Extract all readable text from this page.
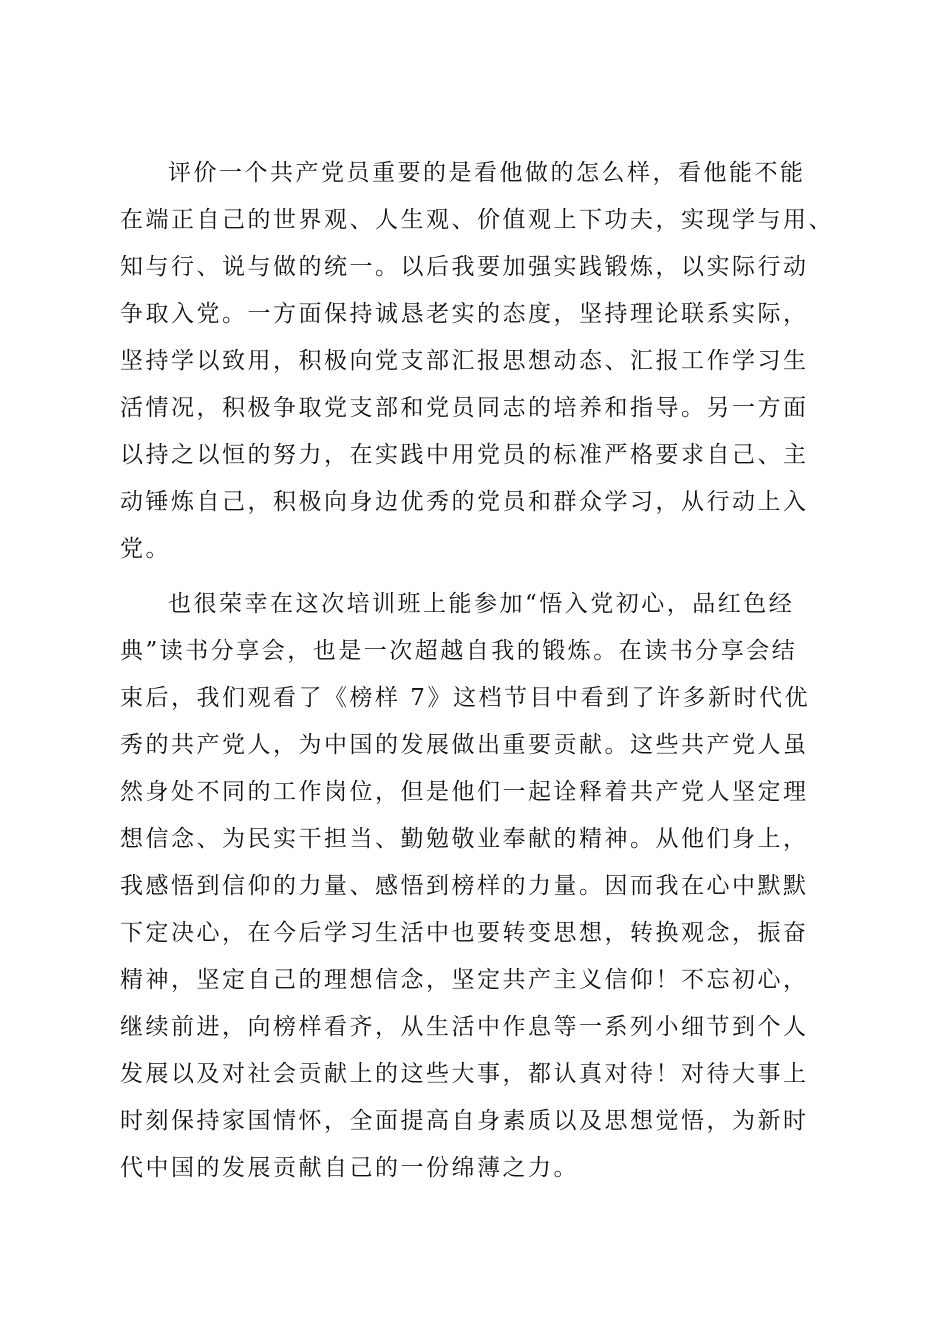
评价一个共产党员重要的是看他做的怎么样，看他能不能
在端正自己的世界观、人生观、价值观上下功夫，实现学与用、
知与行、说与做的统一。以后我要加强实践锻炼，以实际行动
争取入党。一方面保持诚恳老实的态度，坚持理论联系实际，
坚持学以致用，积极向党支部汇报思想动态、汇报工作学习生
活情况，积极争取党支部和党员同志的培养和指导。另一方面
以持之以恒的努力，在实践中用党员的标准严格要求自己、主
动锤炼自己，积极向身边优秀的党员和群众学习，从行动上入
党。
也很荣幸在这次培训班上能参加“悟入党初心，品红色经
典”读书分享会，也是一次超越自我的锻炼。在读书分享会结
束后，我们观看了《榜样 7》这档节目中看到了许多新时代优
秀的共产党人，为中国的发展做出重要贡献。这些共产党人虽
然身处不同的工作岗位，但是他们一起诠释着共产党人坚定理
想信念、为民实干担当、勤勉敬业奉献的精神。从他们身上，
我感悟到信仰的力量、感悟到榜样的力量。因而我在心中默默
下定决心，在今后学习生活中也要转变思想，转换观念，振奋
精神，坚定自己的理想信念，坚定共产主义信仰！不忘初心，
继续前进，向榜样看齐，从生活中作息等一系列小细节到个人
发展以及对社会贡献上的这些大事，都认真对待！对待大事上
时刻保持家国情怀，全面提高自身素质以及思想觉悟，为新时
代中国的发展贡献自己的一份绵薄之力。
